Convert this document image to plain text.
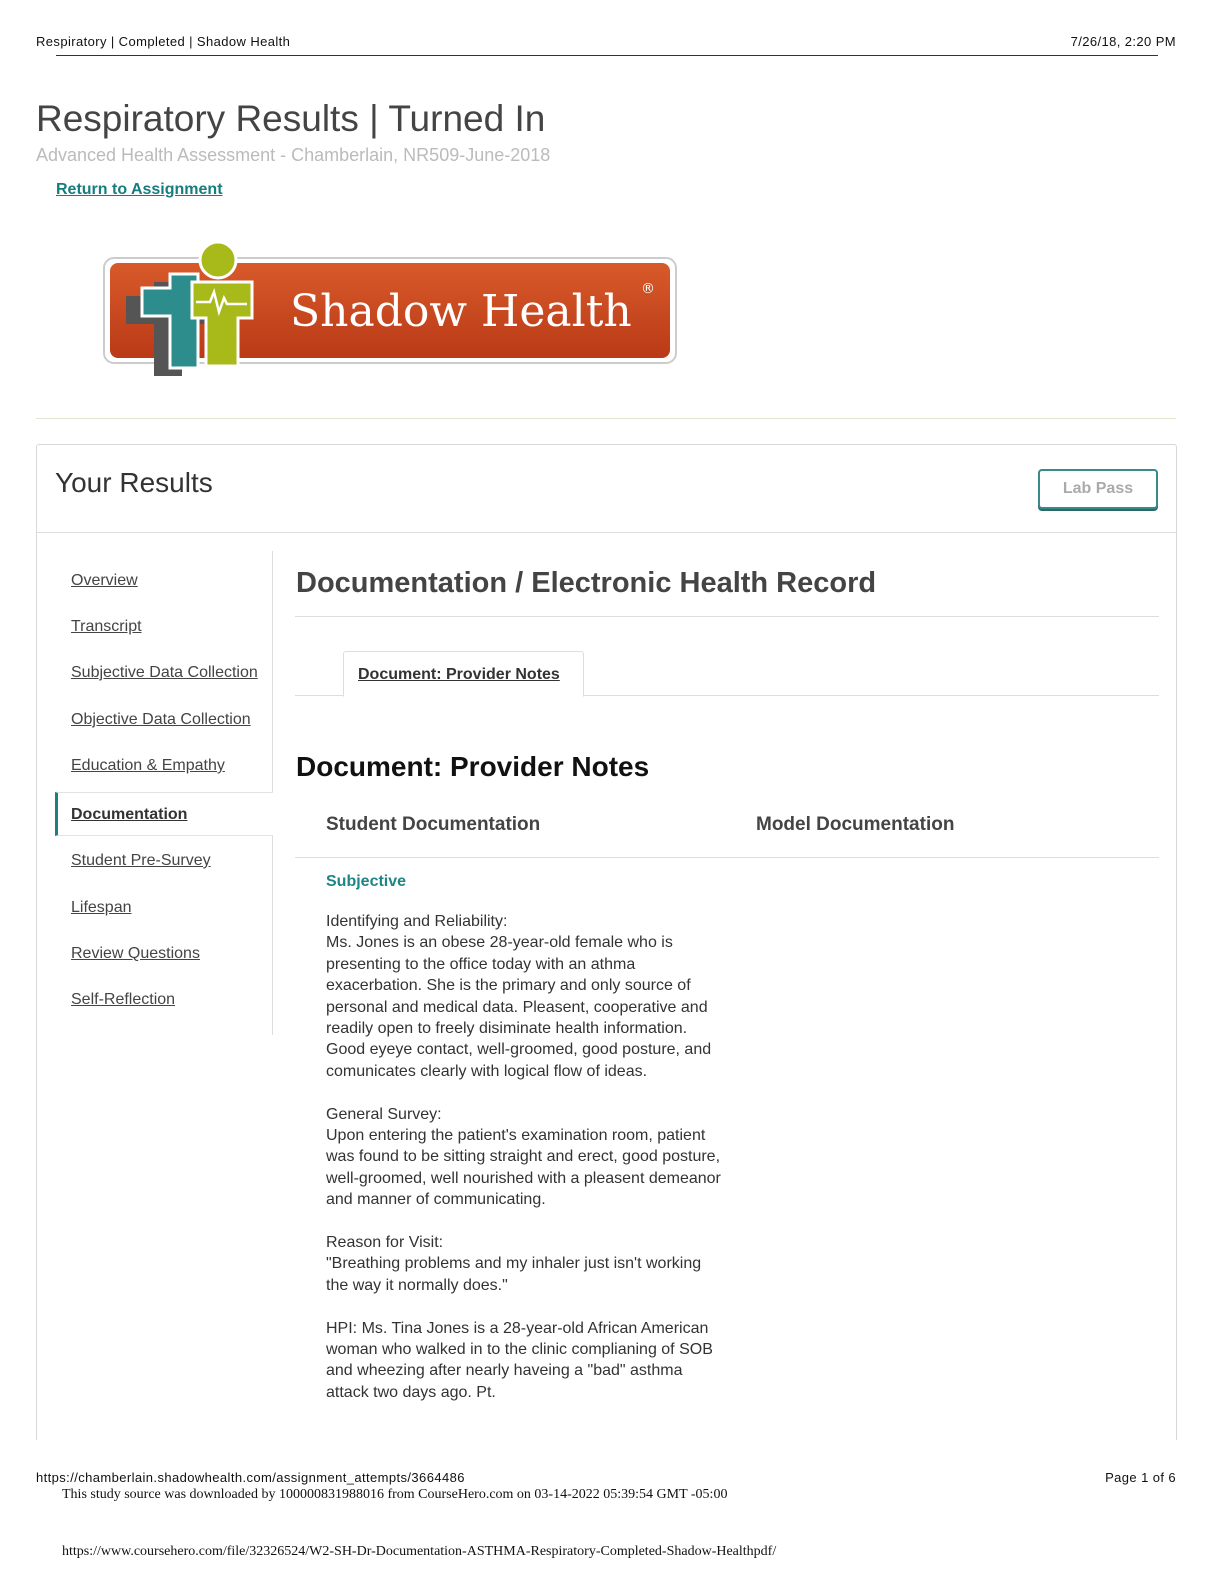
Respiratory | Completed | Shadow Health	7/26/18, 2:20 PM
Respiratory Results | Turned In
Advanced Health Assessment - Chamberlain, NR509-June-2018
Return to Assignment
Shadow Health ®
Your Results	Lab Pass
Overview
Transcript
Subjective Data Collection
Objective Data Collection
Education & Empathy
Documentation
Student Pre-Survey
Lifespan
Review Questions
Self-Reflection
Documentation / Electronic Health Record
Document: Provider Notes
Document: Provider Notes
Student Documentation	Model Documentation
Subjective

Identifying and Reliability:
Ms. Jones is an obese 28-year-old female who is presenting to the office today with an athma exacerbation. She is the primary and only source of personal and medical data. Pleasent, cooperative and readily open to freely disiminate health information. Good eyeye contact, well-groomed, good posture, and comunicates clearly with logical flow of ideas.

General Survey:
Upon entering the patient's examination room, patient was found to be sitting straight and erect, good posture, well-groomed, well nourished with a pleasent demeanor and manner of communicating.

Reason for Visit:
"Breathing problems and my inhaler just isn't working the way it normally does."

HPI: Ms. Tina Jones is a 28-year-old African American woman who walked in to the clinic complianing of SOB and wheezing after nearly haveing a "bad" asthma attack two days ago. Pt.

https://chamberlain.shadowhealth.com/assignment_attempts/3664486	Page 1 of 6
This study source was downloaded by 100000831988016 from CourseHero.com on 03-14-2022 05:39:54 GMT -05:00
https://www.coursehero.com/file/32326524/W2-SH-Dr-Documentation-ASTHMA-Respiratory-Completed-Shadow-Healthpdf/
